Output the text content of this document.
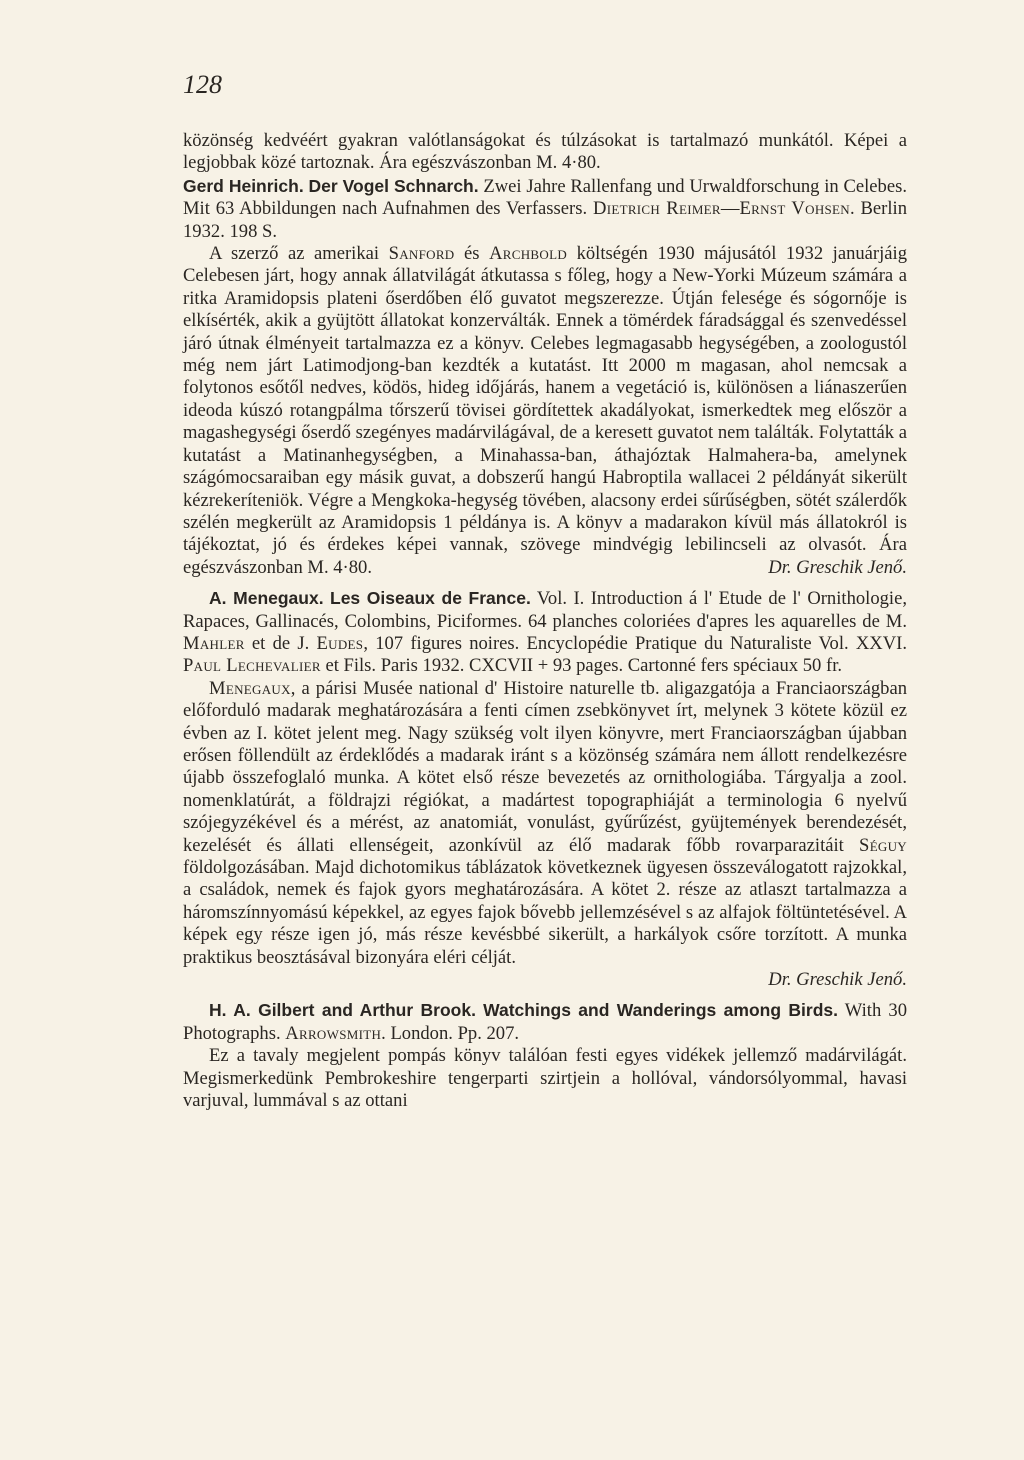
128

közönség kedvéért gyakran valótlanságokat és túlzásokat is tartalmazó munkától. Képei a legjobbak közé tartoznak. Ára egészvászonban M. 4·80.

Gerd Heinrich. Der Vogel Schnarch. Zwei Jahre Rallenfang und Urwaldforschung in Celebes. Mit 63 Abbildungen nach Aufnahmen des Verfassers. Dietrich Reimer—Ernst Vohsen. Berlin 1932. 198 S.

A szerző az amerikai Sanford és Archbold költségén 1930 májusától 1932 januárjáig Celebesen járt, hogy annak állatvilágát átkutassa s főleg, hogy a New-Yorki Múzeum számára a ritka Aramidopsis plateni őserdőben élő guvatot megszerezze. Útján felesége és sógornője is elkísérték, akik a gyüjtött állatokat konzerválták. Ennek a tömérdek fáradsággal és szenvedéssel járó útnak élményeit tartalmazza ez a könyv. Celebes legmagasabb hegységében, a zoologustól még nem járt Latimodjong-ban kezdték a kutatást. Itt 2000 m magasan, ahol nemcsak a folytonos esőtől nedves, ködös, hideg időjárás, hanem a vegetáció is, különösen a liánaszerűen ideoda kúszó rotangpálma tőrszerű tövisei gördítettek akadályokat, ismerkedtek meg először a magashegységi őserdő szegényes madárvilágával, de a keresett guvatot nem találták. Folytatták a kutatást a Matinanhegységben, a Minahassa-ban, áthajóztak Halmahera-ba, amelynek szágómocsaraiban egy másik guvat, a dobszerű hangú Habroptila wallacei 2 példányát sikerült kézrekeríteniök. Végre a Mengkoka-hegység tövében, alacsony erdei sűrűségben, sötét szálerdők szélén megkerült az Aramidopsis 1 példánya is. A könyv a madarakon kívül más állatokról is tájékoztat, jó és érdekes képei vannak, szövege mindvégig lebilincseli az olvasót. Ára egészvászonban M. 4·80.	Dr. Greschik Jenő.

A. Menegaux. Les Oiseaux de France. Vol. I. Introduction á l' Etude de l' Ornithologie, Rapaces, Gallinacés, Colombins, Piciformes. 64 planches coloriées d'apres les aquarelles de M. Mahler et de J. Eudes, 107 figures noires. Encyclopédie Pratique du Naturaliste Vol. XXVI. Paul Lechevalier et Fils. Paris 1932. CXCVII + 93 pages. Cartonné fers spéciaux 50 fr.

Menegaux, a párisi Musée national d' Histoire naturelle tb. aligazgatója a Franciaországban előforduló madarak meghatározására a fenti címen zsebkönyvet írt, melynek 3 kötete közül ez évben az I. kötet jelent meg. Nagy szükség volt ilyen könyvre, mert Franciaországban újabban erősen föllendült az érdeklődés a madarak iránt s a közönség számára nem állott rendelkezésre újabb összefoglaló munka. A kötet első része bevezetés az ornithologiába. Tárgyalja a zool. nomenklatúrát, a földrajzi régiókat, a madártest topographiáját a terminologia 6 nyelvű szójegyzékével és a mérést, az anatomiát, vonulást, gyűrűzést, gyüjtemények berendezését, kezelését és állati ellenségeit, azonkívül az élő madarak főbb rovarparazitáit Séguy földolgozásában. Majd dichotomikus táblázatok következnek ügyesen összeválogatott rajzokkal, a családok, nemek és fajok gyors meghatározására. A kötet 2. része az atlaszt tartalmazza a háromszínnyomású képekkel, az egyes fajok bővebb jellemzésével s az alfajok föltüntetésével. A képek egy része igen jó, más része kevésbbé sikerült, a harkályok csőre torzított. A munka praktikus beosztásával bizonyára eléri célját.

Dr. Greschik Jenő.

H. A. Gilbert and Arthur Brook. Watchings and Wanderings among Birds. With 30 Photographs. Arrowsmith. London. Pp. 207.

Ez a tavaly megjelent pompás könyv találóan festi egyes vidékek jellemző madárvilágát. Megismerkedünk Pembrokeshire tengerparti szirtjein a hollóval, vándorsólyommal, havasi varjuval, lummával s az ottani
